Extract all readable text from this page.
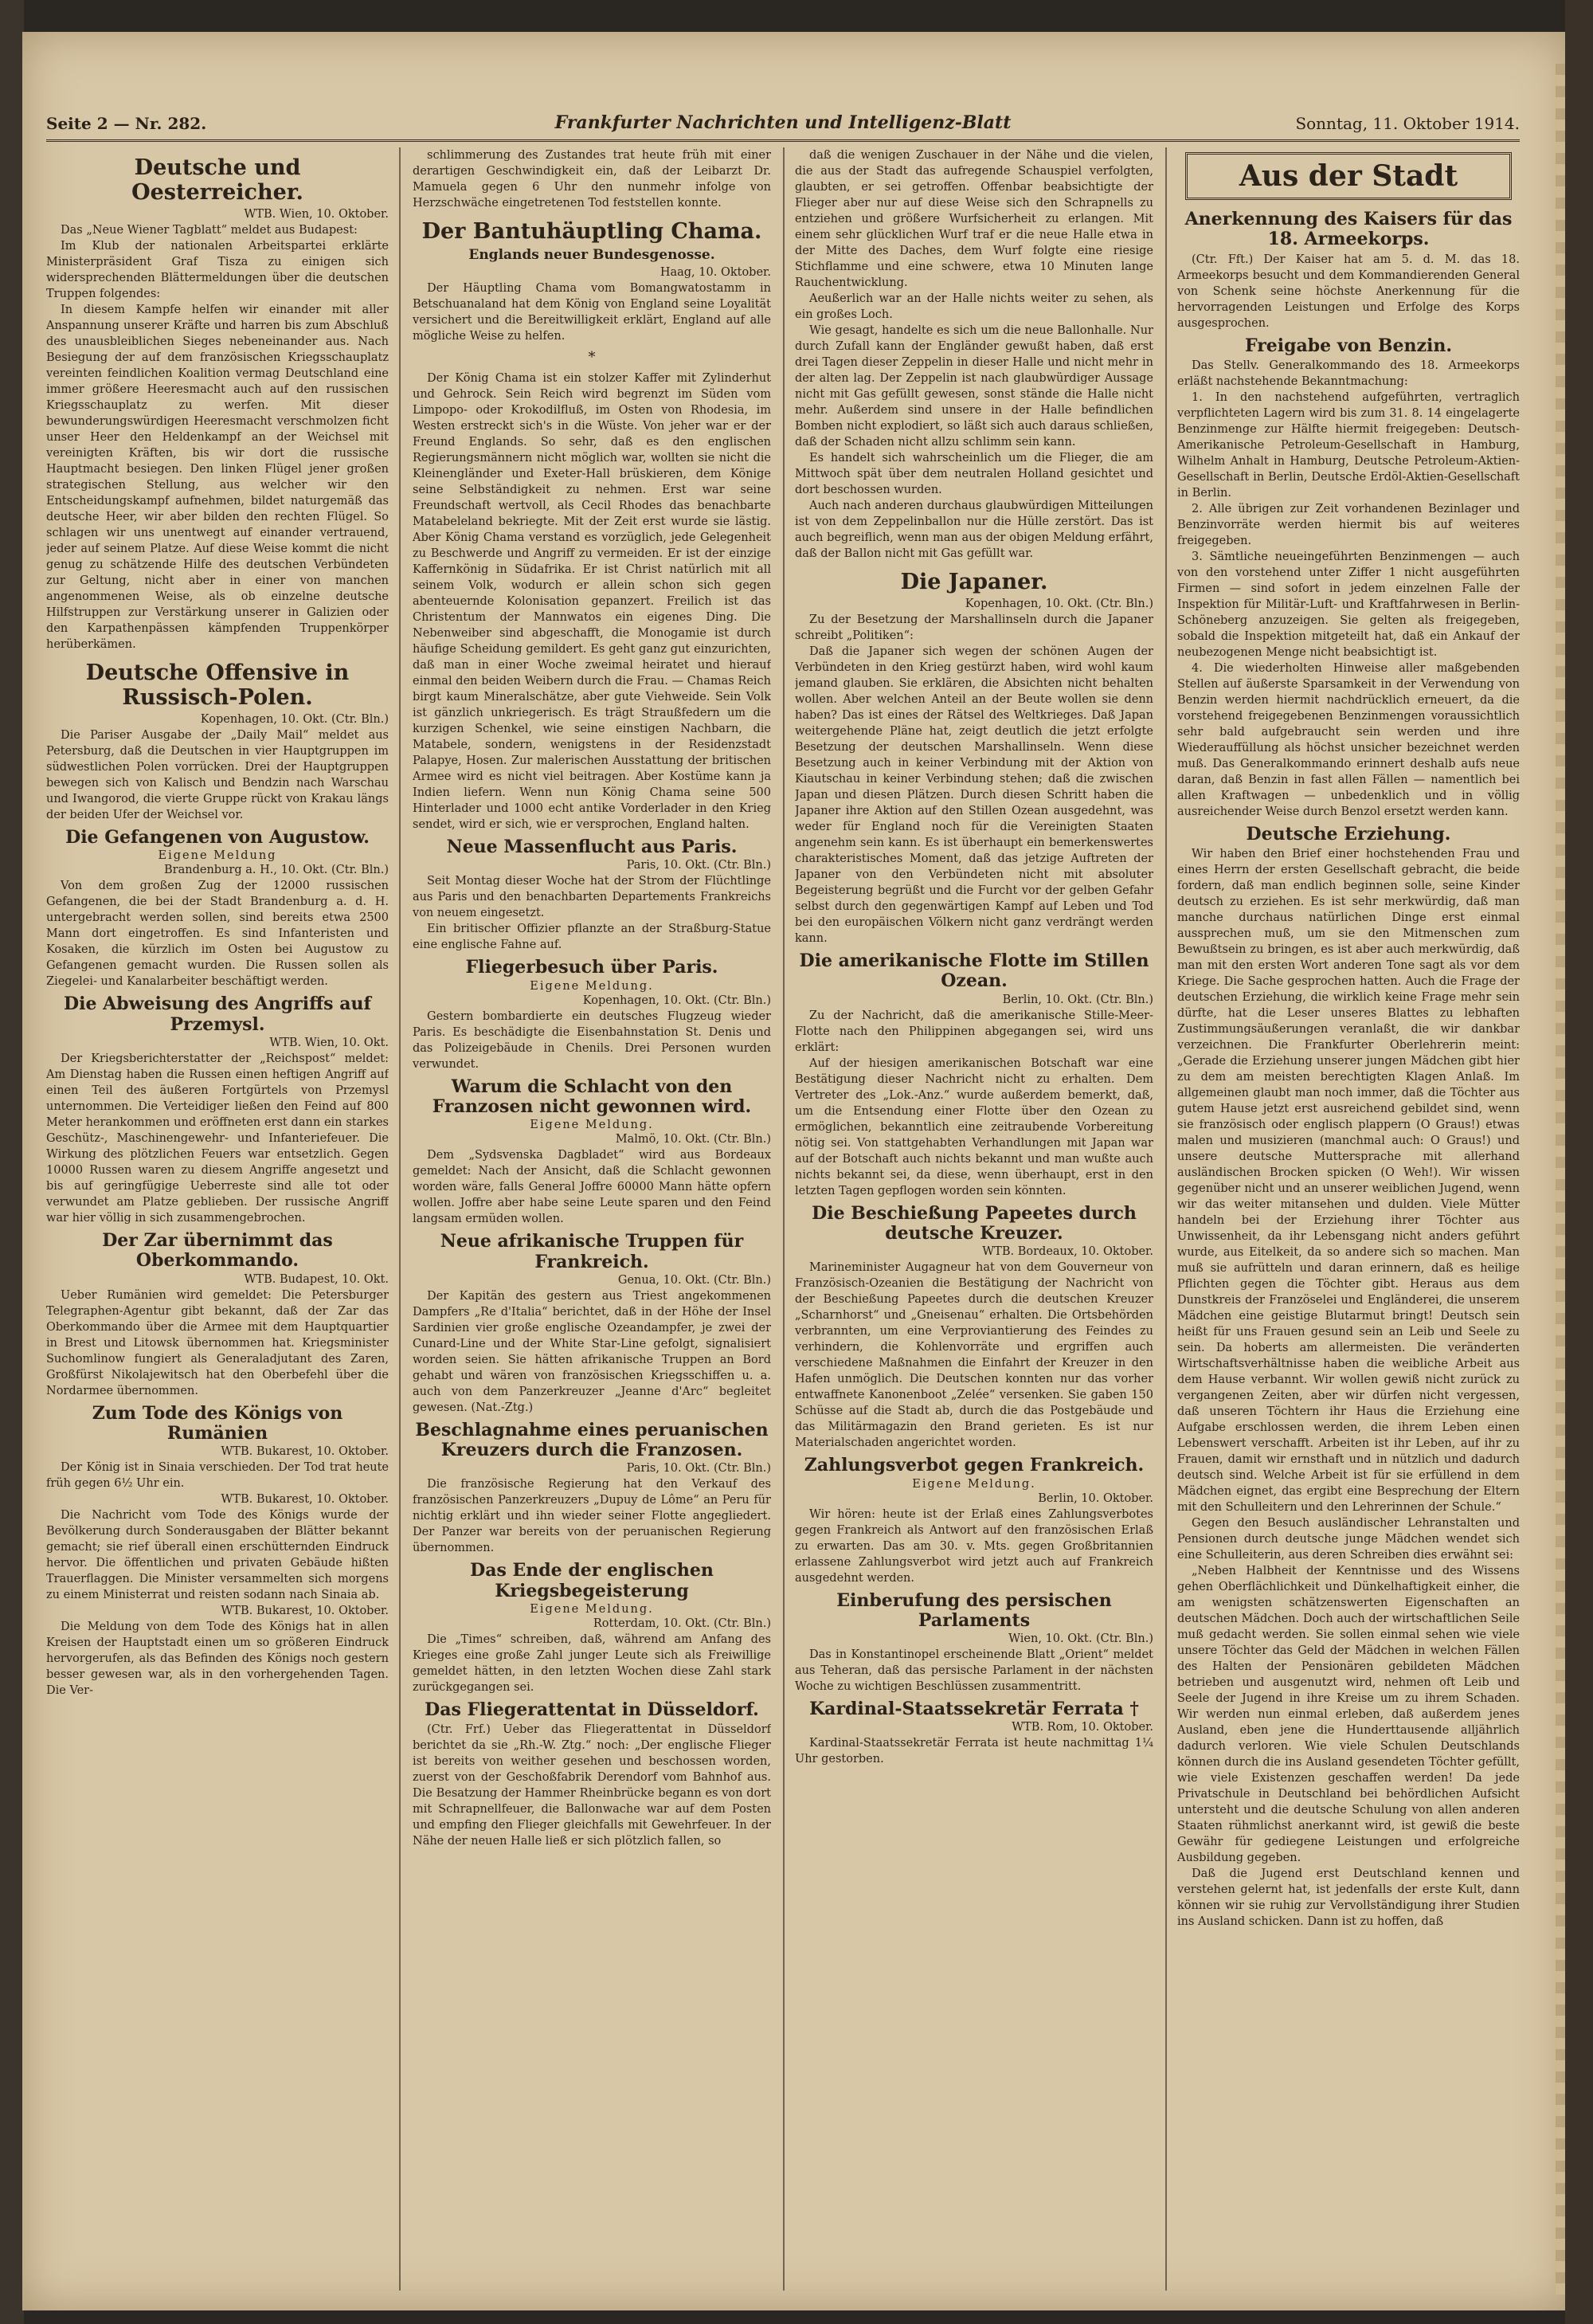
Seite 2 — Nr. 282.	Frankfurter Nachrichten und Intelligenz-Blatt	Sonntag, 11. Oktober 1914.
Deutsche und Oesterreicher.
WTB. Wien, 10. Oktober.

Das „Neue Wiener Tagblatt“ meldet aus Budapest:

Im Klub der nationalen Arbeitspartei erklärte Ministerpräsident Graf Tisza zu einigen sich widersprechenden Blättermeldungen über die deutschen Truppen folgendes:

In diesem Kampfe helfen wir einander mit aller Anspannung unserer Kräfte und harren bis zum Abschluß des unausbleiblichen Sieges nebeneinander aus. Nach Besiegung der auf dem französischen Kriegsschauplatz vereinten feindlichen Koalition vermag Deutschland eine immer größere Heeresmacht auch auf den russischen Kriegsschauplatz zu werfen. Mit dieser bewunderungswürdigen Heeresmacht verschmolzen ficht unser Heer den Heldenkampf an der Weichsel mit vereinigten Kräften, bis wir dort die russische Hauptmacht besiegen. Den linken Flügel jener großen strategischen Stellung, aus welcher wir den Entscheidungskampf aufnehmen, bildet naturgemäß das deutsche Heer, wir aber bilden den rechten Flügel. So schlagen wir uns unentwegt auf einander vertrauend, jeder auf seinem Platze. Auf diese Weise kommt die nicht genug zu schätzende Hilfe des deutschen Verbündeten zur Geltung, nicht aber in einer von manchen angenommenen Weise, als ob einzelne deutsche Hilfstruppen zur Verstärkung unserer in Galizien oder den Karpathenpässen kämpfenden Truppenkörper herüberkämen.

Deutsche Offensive in Russisch-Polen.
Kopenhagen, 10. Okt. (Ctr. Bln.)

Die Pariser Ausgabe der „Daily Mail“ meldet aus Petersburg, daß die Deutschen in vier Hauptgruppen im südwestlichen Polen vorrücken. Drei der Hauptgruppen bewegen sich von Kalisch und Bendzin nach Warschau und Iwangorod, die vierte Gruppe rückt von Krakau längs der beiden Ufer der Weichsel vor.

Die Gefangenen von Augustow.
Eigene Meldung
Brandenburg a. H., 10. Okt. (Ctr. Bln.)

Von dem großen Zug der 12000 russischen Gefangenen, die bei der Stadt Brandenburg a. d. H. untergebracht werden sollen, sind bereits etwa 2500 Mann dort eingetroffen. Es sind Infanteristen und Kosaken, die kürzlich im Osten bei Augustow zu Gefangenen gemacht wurden. Die Russen sollen als Ziegelei- und Kanalarbeiter beschäftigt werden.

Die Abweisung des Angriffs auf Przemysl.
WTB. Wien, 10. Okt.

Der Kriegsberichterstatter der „Reichspost“ meldet: Am Dienstag haben die Russen einen heftigen Angriff auf einen Teil des äußeren Fortgürtels von Przemysl unternommen. Die Verteidiger ließen den Feind auf 800 Meter herankommen und eröffneten erst dann ein starkes Geschütz-, Maschinengewehr- und Infanteriefeuer. Die Wirkung des plötzlichen Feuers war entsetzlich. Gegen 10000 Russen waren zu diesem Angriffe angesetzt und bis auf geringfügige Ueberreste sind alle tot oder verwundet am Platze geblieben. Der russische Angriff war hier völlig in sich zusammengebrochen.

Der Zar übernimmt das Oberkommando.
WTB. Budapest, 10. Okt.

Ueber Rumänien wird gemeldet: Die Petersburger Telegraphen-Agentur gibt bekannt, daß der Zar das Oberkommando über die Armee mit dem Hauptquartier in Brest und Litowsk übernommen hat. Kriegsminister Suchomlinow fungiert als Generaladjutant des Zaren, Großfürst Nikolajewitsch hat den Oberbefehl über die Nordarmee übernommen.

Zum Tode des Königs von Rumänien
WTB. Bukarest, 10. Oktober.

Der König ist in Sinaia verschieden. Der Tod trat heute früh gegen 6½ Uhr ein.

WTB. Bukarest, 10. Oktober.

Die Nachricht vom Tode des Königs wurde der Bevölkerung durch Sonderausgaben der Blätter bekannt gemacht; sie rief überall einen erschütternden Eindruck hervor. Die öffentlichen und privaten Gebäude hißten Trauerflaggen. Die Minister versammelten sich morgens zu einem Ministerrat und reisten sodann nach Sinaia ab.

WTB. Bukarest, 10. Oktober.

Die Meldung von dem Tode des Königs hat in allen Kreisen der Hauptstadt einen um so größeren Eindruck hervorgerufen, als das Befinden des Königs noch gestern besser gewesen war, als in den vorhergehenden Tagen. Die Ver-

schlimmerung des Zustandes trat heute früh mit einer derartigen Geschwindigkeit ein, daß der Leibarzt Dr. Mamuela gegen 6 Uhr den nunmehr infolge von Herzschwäche eingetretenen Tod feststellen konnte.

Der Bantuhäuptling Chama.
Englands neuer Bundesgenosse.
Haag, 10. Oktober.

Der Häuptling Chama vom Bomangwatostamm in Betschuanaland hat dem König von England seine Loyalität versichert und die Bereitwilligkeit erklärt, England auf alle mögliche Weise zu helfen.

*

Der König Chama ist ein stolzer Kaffer mit Zylinderhut und Gehrock. Sein Reich wird begrenzt im Süden vom Limpopo- oder Krokodilfluß, im Osten von Rhodesia, im Westen erstreckt sich's in die Wüste. Von jeher war er der Freund Englands. So sehr, daß es den englischen Regierungsmännern nicht möglich war, wollten sie nicht die Kleinengländer und Exeter-Hall brüskieren, dem Könige seine Selbständigkeit zu nehmen. Erst war seine Freundschaft wertvoll, als Cecil Rhodes das benachbarte Matabeleland bekriegte. Mit der Zeit erst wurde sie lästig. Aber König Chama verstand es vorzüglich, jede Gelegenheit zu Beschwerde und Angriff zu vermeiden. Er ist der einzige Kaffernkönig in Südafrika. Er ist Christ natürlich mit all seinem Volk, wodurch er allein schon sich gegen abenteuernde Kolonisation gepanzert. Freilich ist das Christentum der Mannwatos ein eigenes Ding. Die Nebenweiber sind abgeschafft, die Monogamie ist durch häufige Scheidung gemildert. Es geht ganz gut einzurichten, daß man in einer Woche zweimal heiratet und hierauf einmal den beiden Weibern durch die Frau. — Chamas Reich birgt kaum Mineralschätze, aber gute Viehweide. Sein Volk ist gänzlich unkriegerisch. Es trägt Straußfedern um die kurzigen Schenkel, wie seine einstigen Nachbarn, die Matabele, sondern, wenigstens in der Residenzstadt Palapye, Hosen. Zur malerischen Ausstattung der britischen Armee wird es nicht viel beitragen. Aber Kostüme kann ja Indien liefern. Wenn nun König Chama seine 500 Hinterlader und 1000 echt antike Vorderlader in den Krieg sendet, wird er sich, wie er versprochen, England halten.

Neue Massenflucht aus Paris.
Paris, 10. Okt. (Ctr. Bln.)

Seit Montag dieser Woche hat der Strom der Flüchtlinge aus Paris und den benachbarten Departements Frankreichs von neuem eingesetzt.

Ein britischer Offizier pflanzte an der Straßburg-Statue eine englische Fahne auf.

Fliegerbesuch über Paris.
Eigene Meldung.
Kopenhagen, 10. Okt. (Ctr. Bln.)

Gestern bombardierte ein deutsches Flugzeug wieder Paris. Es beschädigte die Eisenbahnstation St. Denis und das Polizeigebäude in Chenils. Drei Personen wurden verwundet.

Warum die Schlacht von den Franzosen nicht gewonnen wird.
Eigene Meldung.
Malmö, 10. Okt. (Ctr. Bln.)

Dem „Sydsvenska Dagbladet“ wird aus Bordeaux gemeldet: Nach der Ansicht, daß die Schlacht gewonnen worden wäre, falls General Joffre 60000 Mann hätte opfern wollen. Joffre aber habe seine Leute sparen und den Feind langsam ermüden wollen.

Neue afrikanische Truppen für Frankreich.
Genua, 10. Okt. (Ctr. Bln.)

Der Kapitän des gestern aus Triest angekommenen Dampfers „Re d'Italia“ berichtet, daß in der Höhe der Insel Sardinien vier große englische Ozeandampfer, je zwei der Cunard-Line und der White Star-Line gefolgt, signalisiert worden seien. Sie hätten afrikanische Truppen an Bord gehabt und wären von französischen Kriegsschiffen u. a. auch von dem Panzerkreuzer „Jeanne d'Arc“ begleitet gewesen. (Nat.-Ztg.)

Beschlagnahme eines peruanischen Kreuzers durch die Franzosen.
Paris, 10. Okt. (Ctr. Bln.)

Die französische Regierung hat den Verkauf des französischen Panzerkreuzers „Dupuy de Lôme“ an Peru für nichtig erklärt und ihn wieder seiner Flotte angegliedert. Der Panzer war bereits von der peruanischen Regierung übernommen.

Das Ende der englischen Kriegsbegeisterung
Eigene Meldung.
Rotterdam, 10. Okt. (Ctr. Bln.)

Die „Times“ schreiben, daß, während am Anfang des Krieges eine große Zahl junger Leute sich als Freiwillige gemeldet hätten, in den letzten Wochen diese Zahl stark zurückgegangen sei.

Das Fliegerattentat in Düsseldorf.

(Ctr. Frf.) Ueber das Fliegerattentat in Düsseldorf berichtet da sie „Rh.-W. Ztg.“ noch: „Der englische Flieger ist bereits von weither gesehen und beschossen worden, zuerst von der Geschoßfabrik Derendorf vom Bahnhof aus. Die Besatzung der Hammer Rheinbrücke begann es von dort mit Schrapnellfeuer, die Ballonwache war auf dem Posten und empfing den Flieger gleichfalls mit Gewehrfeuer. In der Nähe der neuen Halle ließ er sich plötzlich fallen, so

daß die wenigen Zuschauer in der Nähe und die vielen, die aus der Stadt das aufregende Schauspiel verfolgten, glaubten, er sei getroffen. Offenbar beabsichtigte der Flieger aber nur auf diese Weise sich den Schrapnells zu entziehen und größere Wurfsicherheit zu erlangen. Mit einem sehr glücklichen Wurf traf er die neue Halle etwa in der Mitte des Daches, dem Wurf folgte eine riesige Stichflamme und eine schwere, etwa 10 Minuten lange Rauchentwicklung.

Aeußerlich war an der Halle nichts weiter zu sehen, als ein großes Loch.

Wie gesagt, handelte es sich um die neue Ballonhalle. Nur durch Zufall kann der Engländer gewußt haben, daß erst drei Tagen dieser Zeppelin in dieser Halle und nicht mehr in der alten lag. Der Zeppelin ist nach glaubwürdiger Aussage nicht mit Gas gefüllt gewesen, sonst stände die Halle nicht mehr. Außerdem sind unsere in der Halle befindlichen Bomben nicht explodiert, so läßt sich auch daraus schließen, daß der Schaden nicht allzu schlimm sein kann.

Es handelt sich wahrscheinlich um die Flieger, die am Mittwoch spät über dem neutralen Holland gesichtet und dort beschossen wurden.

Auch nach anderen durchaus glaubwürdigen Mitteilungen ist von dem Zeppelinballon nur die Hülle zerstört. Das ist auch begreiflich, wenn man aus der obigen Meldung erfährt, daß der Ballon nicht mit Gas gefüllt war.

Die Japaner.
Kopenhagen, 10. Okt. (Ctr. Bln.)

Zu der Besetzung der Marshallinseln durch die Japaner schreibt „Politiken“:

Daß die Japaner sich wegen der schönen Augen der Verbündeten in den Krieg gestürzt haben, wird wohl kaum jemand glauben. Sie erklären, die Absichten nicht behalten wollen. Aber welchen Anteil an der Beute wollen sie denn haben? Das ist eines der Rätsel des Weltkrieges. Daß Japan weitergehende Pläne hat, zeigt deutlich die jetzt erfolgte Besetzung der deutschen Marshallinseln. Wenn diese Besetzung auch in keiner Verbindung mit der Aktion von Kiautschau in keiner Verbindung stehen; daß die zwischen Japan und diesen Plätzen. Durch diesen Schritt haben die Japaner ihre Aktion auf den Stillen Ozean ausgedehnt, was weder für England noch für die Vereinigten Staaten angenehm sein kann. Es ist überhaupt ein bemerkenswertes charakteristisches Moment, daß das jetzige Auftreten der Japaner von den Verbündeten nicht mit absoluter Begeisterung begrüßt und die Furcht vor der gelben Gefahr selbst durch den gegenwärtigen Kampf auf Leben und Tod bei den europäischen Völkern nicht ganz verdrängt werden kann.

Die amerikanische Flotte im Stillen Ozean.
Berlin, 10. Okt. (Ctr. Bln.)

Zu der Nachricht, daß die amerikanische Stille-Meer-Flotte nach den Philippinen abgegangen sei, wird uns erklärt:

Auf der hiesigen amerikanischen Botschaft war eine Bestätigung dieser Nachricht nicht zu erhalten. Dem Vertreter des „Lok.-Anz.“ wurde außerdem bemerkt, daß, um die Entsendung einer Flotte über den Ozean zu ermöglichen, bekanntlich eine zeitraubende Vorbereitung nötig sei. Von stattgehabten Verhandlungen mit Japan war auf der Botschaft auch nichts bekannt und man wußte auch nichts bekannt sei, da diese, wenn überhaupt, erst in den letzten Tagen gepflogen worden sein könnten.

Die Beschießung Papeetes durch deutsche Kreuzer.
WTB. Bordeaux, 10. Oktober.

Marineminister Augagneur hat von dem Gouverneur von Französisch-Ozeanien die Bestätigung der Nachricht von der Beschießung Papeetes durch die deutschen Kreuzer „Scharnhorst“ und „Gneisenau“ erhalten. Die Ortsbehörden verbrannten, um eine Verproviantierung des Feindes zu verhindern, die Kohlenvorräte und ergriffen auch verschiedene Maßnahmen die Einfahrt der Kreuzer in den Hafen unmöglich. Die Deutschen konnten nur das vorher entwaffnete Kanonenboot „Zelée“ versenken. Sie gaben 150 Schüsse auf die Stadt ab, durch die das Postgebäude und das Militärmagazin den Brand gerieten. Es ist nur Materialschaden angerichtet worden.

Zahlungsverbot gegen Frankreich.
Eigene Meldung.
Berlin, 10. Oktober.

Wir hören: heute ist der Erlaß eines Zahlungsverbotes gegen Frankreich als Antwort auf den französischen Erlaß zu erwarten. Das am 30. v. Mts. gegen Großbritannien erlassene Zahlungsverbot wird jetzt auch auf Frankreich ausgedehnt werden.

Einberufung des persischen Parlaments
Wien, 10. Okt. (Ctr. Bln.)

Das in Konstantinopel erscheinende Blatt „Orient“ meldet aus Teheran, daß das persische Parlament in der nächsten Woche zu wichtigen Beschlüssen zusammentritt.

Kardinal-Staatssekretär Ferrata †
WTB. Rom, 10. Oktober.

Kardinal-Staatssekretär Ferrata ist heute nachmittag 1¼ Uhr gestorben.

Aus der Stadt
Anerkennung des Kaisers für das 18. Armeekorps.

(Ctr. Fft.) Der Kaiser hat am 5. d. M. das 18. Armeekorps besucht und dem Kommandierenden General von Schenk seine höchste Anerkennung für die hervorragenden Leistungen und Erfolge des Korps ausgesprochen.

Freigabe von Benzin.

Das Stellv. Generalkommando des 18. Armeekorps erläßt nachstehende Bekanntmachung:

1. In den nachstehend aufgeführten, vertraglich verpflichteten Lagern wird bis zum 31. 8. 14 eingelagerte Benzinmenge zur Hälfte hiermit freigegeben: Deutsch-Amerikanische Petroleum-Gesellschaft in Hamburg, Wilhelm Anhalt in Hamburg, Deutsche Petroleum-Aktien-Gesellschaft in Berlin, Deutsche Erdöl-Aktien-Gesellschaft in Berlin.

2. Alle übrigen zur Zeit vorhandenen Bezinlager und Benzinvorräte werden hiermit bis auf weiteres freigegeben.

3. Sämtliche neueingeführten Benzinmengen — auch von den vorstehend unter Ziffer 1 nicht ausgeführten Firmen — sind sofort in jedem einzelnen Falle der Inspektion für Militär-Luft- und Kraftfahrwesen in Berlin-Schöneberg anzuzeigen. Sie gelten als freigegeben, sobald die Inspektion mitgeteilt hat, daß ein Ankauf der neubezogenen Menge nicht beabsichtigt ist.

4. Die wiederholten Hinweise aller maßgebenden Stellen auf äußerste Sparsamkeit in der Verwendung von Benzin werden hiermit nachdrücklich erneuert, da die vorstehend freigegebenen Benzinmengen voraussichtlich sehr bald aufgebraucht sein werden und ihre Wiederauffüllung als höchst unsicher bezeichnet werden muß. Das Generalkommando erinnert deshalb aufs neue daran, daß Benzin in fast allen Fällen — namentlich bei allen Kraftwagen — unbedenklich und in völlig ausreichender Weise durch Benzol ersetzt werden kann.

Deutsche Erziehung.

Wir haben den Brief einer hochstehenden Frau und eines Herrn der ersten Gesellschaft gebracht, die beide fordern, daß man endlich beginnen solle, seine Kinder deutsch zu erziehen. Es ist sehr merkwürdig, daß man manche durchaus natürlichen Dinge erst einmal aussprechen muß, um sie den Mitmenschen zum Bewußtsein zu bringen, es ist aber auch merkwürdig, daß man mit den ersten Wort anderen Tone sagt als vor dem Kriege. Die Sache gesprochen hatten. Auch die Frage der deutschen Erziehung, die wirklich keine Frage mehr sein dürfte, hat die Leser unseres Blattes zu lebhaften Zustimmungsäußerungen veranlaßt, die wir dankbar verzeichnen. Die Frankfurter Oberlehrerin meint: „Gerade die Erziehung unserer jungen Mädchen gibt hier zu dem am meisten berechtigten Klagen Anlaß. Im allgemeinen glaubt man noch immer, daß die Töchter aus gutem Hause jetzt erst ausreichend gebildet sind, wenn sie französisch oder englisch plappern (O Graus!) etwas malen und musizieren (manchmal auch: O Graus!) und unsere deutsche Muttersprache mit allerhand ausländischen Brocken spicken (O Weh!). Wir wissen gegenüber nicht und an unserer weiblichen Jugend, wenn wir das weiter mitansehen und dulden. Viele Mütter handeln bei der Erziehung ihrer Töchter aus Unwissenheit, da ihr Lebensgang nicht anders geführt wurde, aus Eitelkeit, da so andere sich so machen. Man muß sie aufrütteln und daran erinnern, daß es heilige Pflichten gegen die Töchter gibt. Heraus aus dem Dunstkreis der Französelei und Engländerei, die unserem Mädchen eine geistige Blutarmut bringt! Deutsch sein heißt für uns Frauen gesund sein an Leib und Seele zu sein. Da hoberts am allermeisten. Die veränderten Wirtschaftsverhältnisse haben die weibliche Arbeit aus dem Hause verbannt. Wir wollen gewiß nicht zurück zu vergangenen Zeiten, aber wir dürfen nicht vergessen, daß unseren Töchtern ihr Haus die Erziehung eine Aufgabe erschlossen werden, die ihrem Leben einen Lebenswert verschafft. Arbeiten ist ihr Leben, auf ihr zu Frauen, damit wir ernsthaft und in nützlich und dadurch deutsch sind. Welche Arbeit ist für sie erfüllend in dem Mädchen eignet, das ergibt eine Besprechung der Eltern mit den Schulleitern und den Lehrerinnen der Schule.“

Gegen den Besuch ausländischer Lehranstalten und Pensionen durch deutsche junge Mädchen wendet sich eine Schulleiterin, aus deren Schreiben dies erwähnt sei:

„Neben Halbheit der Kenntnisse und des Wissens gehen Oberflächlichkeit und Dünkelhaftigkeit einher, die am wenigsten schätzenswerten Eigenschaften an deutschen Mädchen. Doch auch der wirtschaftlichen Seile muß gedacht werden. Sie sollen einmal sehen wie viele unsere Töchter das Geld der Mädchen in welchen Fällen des Halten der Pensionären gebildeten Mädchen betrieben und ausgenutzt wird, nehmen oft Leib und Seele der Jugend in ihre Kreise um zu ihrem Schaden. Wir werden nun einmal erleben, daß außerdem jenes Ausland, eben jene die Hunderttausende alljährlich dadurch verloren. Wie viele Schulen Deutschlands können durch die ins Ausland gesendeten Töchter gefüllt, wie viele Existenzen geschaffen werden! Da jede Privatschule in Deutschland bei behördlichen Aufsicht untersteht und die deutsche Schulung von allen anderen Staaten rühmlichst anerkannt wird, ist gewiß die beste Gewähr für gediegene Leistungen und erfolgreiche Ausbildung gegeben.

Daß die Jugend erst Deutschland kennen und verstehen gelernt hat, ist jedenfalls der erste Kult, dann können wir sie ruhig zur Vervollständigung ihrer Studien ins Ausland schicken. Dann ist zu hoffen, daß
